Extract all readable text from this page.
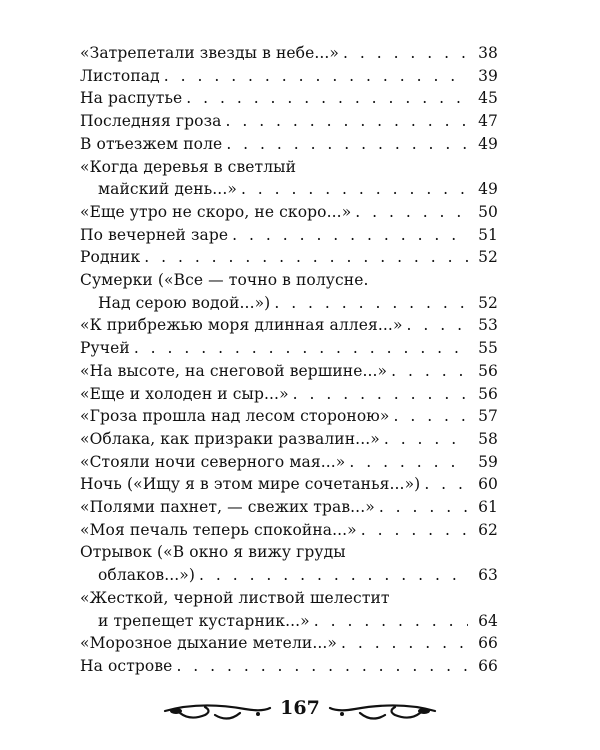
«Затрепетали звезды в небе...» . . .	38
Листопад . . .	39
На распутье . . .	45
Последняя гроза . . .	47
В отъезжем поле . . .	49
«Когда деревья в светлый
майский день...» . . .	49
«Еще утро не скоро, не скоро...» . . .	50
По вечерней заре . . .	51
Родник . . .	52
Сумерки («Все — точно в полусне.
Над серою водой...») . . .	52
«К прибрежью моря длинная аллея...» . . .	53
Ручей . . .	55
«На высоте, на снеговой вершине...» . . .	56
«Еще и холоден и сыр...» . . .	56
«Гроза прошла над лесом стороною» . . .	57
«Облака, как призраки развалин...» . . .	58
«Стояли ночи северного мая...» . . .	59
Ночь («Ищу я в этом мире сочетанья...») . . .	60
«Полями пахнет, — свежих трав...» . . .	61
«Моя печаль теперь спокойна...» . . .	62
Отрывок («В окно я вижу груды
облаков...») . . .	63
«Жесткой, черной листвой шелестит
и трепещет кустарник...» . . .	64
«Морозное дыхание метели...» . . .	66
На острове . . .	66
167
